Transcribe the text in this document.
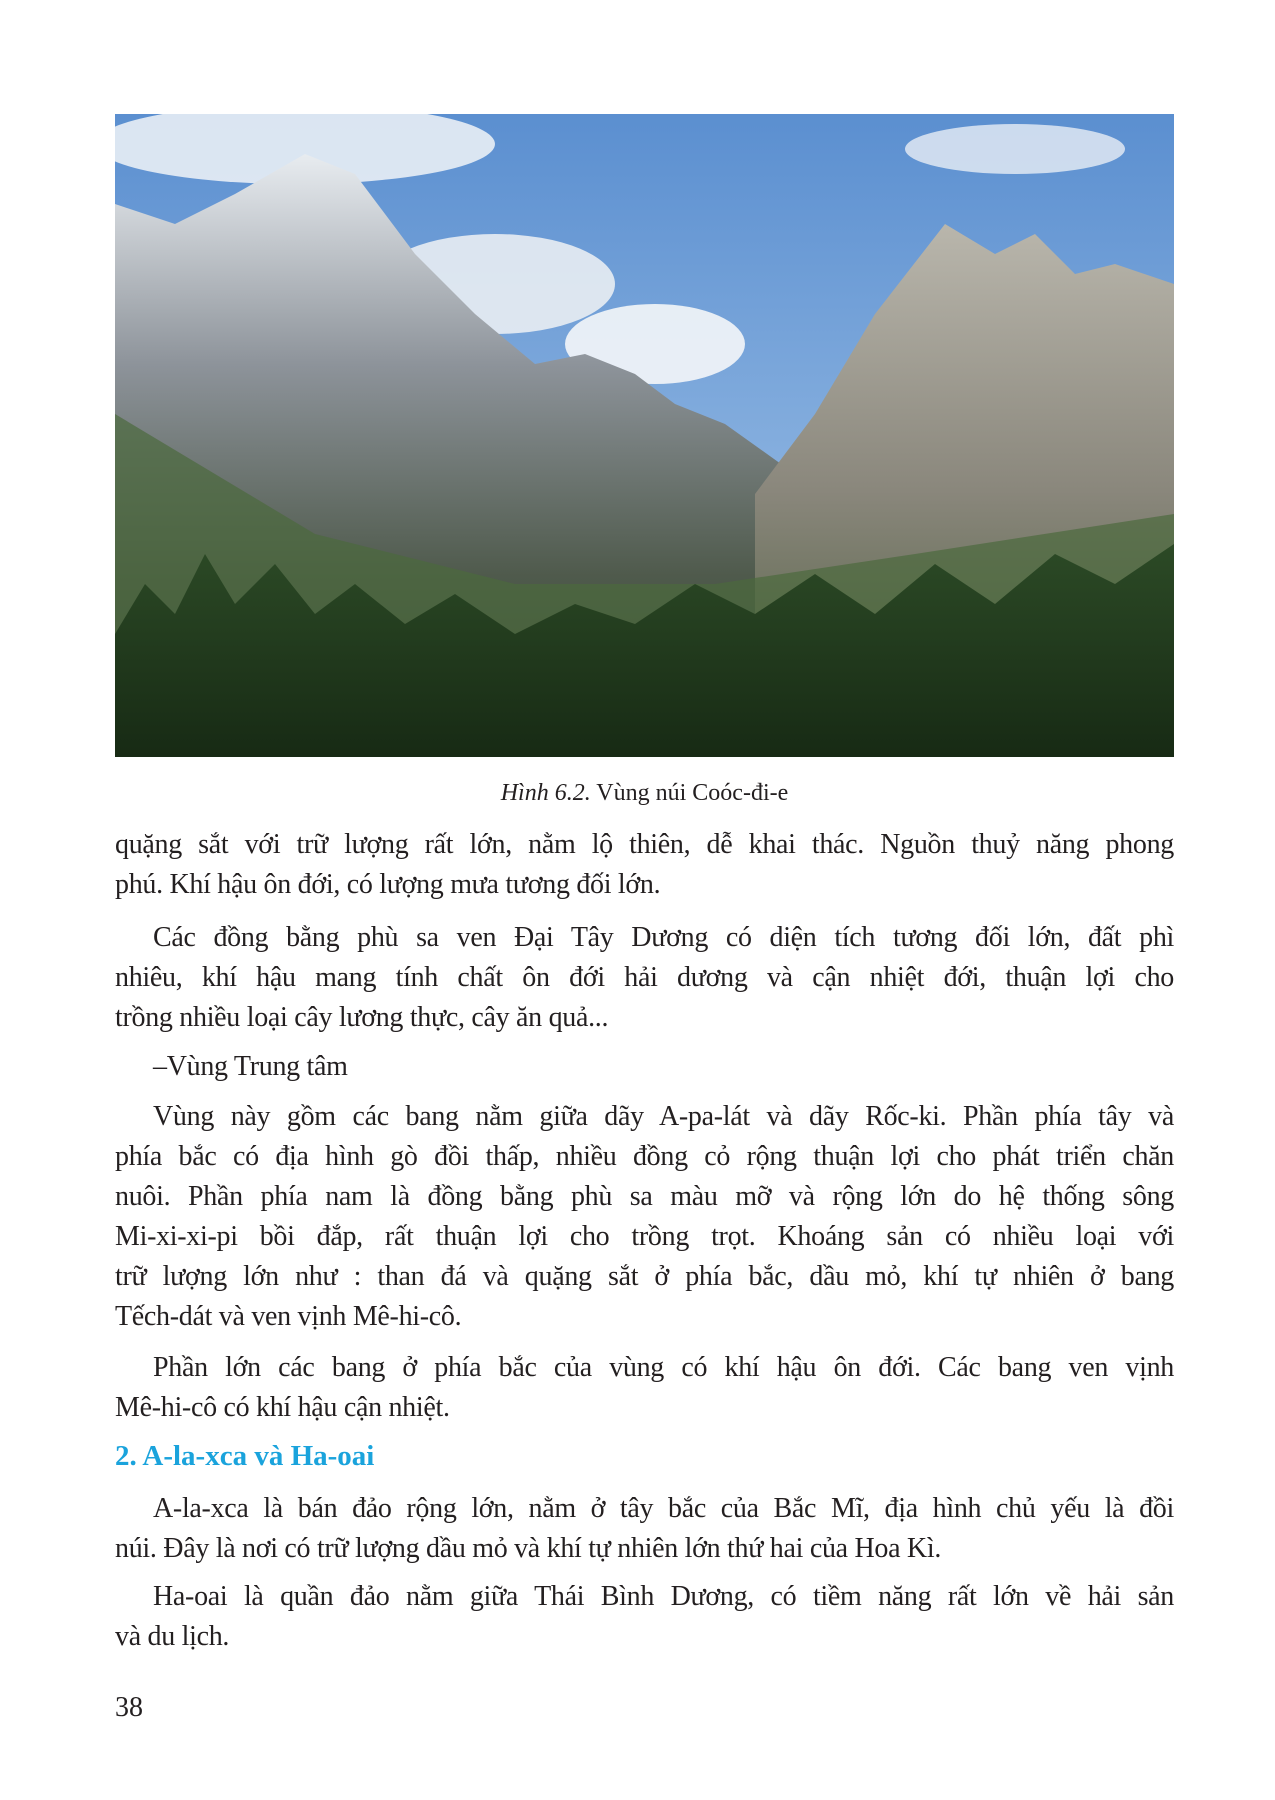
Hình 6.2. Vùng núi Coóc-đi-e
quặng sắt với trữ lượng rất lớn, nằm lộ thiên, dễ khai thác. Nguồn thuỷ năng phong
phú. Khí hậu ôn đới, có lượng mưa tương đối lớn.
Các đồng bằng phù sa ven Đại Tây Dương có diện tích tương đối lớn, đất phì
nhiêu, khí hậu mang tính chất ôn đới hải dương và cận nhiệt đới, thuận lợi cho
trồng nhiều loại cây lương thực, cây ăn quả...
–Vùng Trung tâm
Vùng này gồm các bang nằm giữa dãy A-pa-lát và dãy Rốc-ki. Phần phía tây và
phía bắc có địa hình gò đồi thấp, nhiều đồng cỏ rộng thuận lợi cho phát triển chăn
nuôi. Phần phía nam là đồng bằng phù sa màu mỡ và rộng lớn do hệ thống sông
Mi-xi-xi-pi bồi đắp, rất thuận lợi cho trồng trọt. Khoáng sản có nhiều loại với
trữ lượng lớn như : than đá và quặng sắt ở phía bắc, dầu mỏ, khí tự nhiên ở bang
Tếch-dát và ven vịnh Mê-hi-cô.
Phần lớn các bang ở phía bắc của vùng có khí hậu ôn đới. Các bang ven vịnh
Mê-hi-cô có khí hậu cận nhiệt.
2. A-la-xca và Ha-oai
A-la-xca là bán đảo rộng lớn, nằm ở tây bắc của Bắc Mĩ, địa hình chủ yếu là đồi
núi. Đây là nơi có trữ lượng dầu mỏ và khí tự nhiên lớn thứ hai của Hoa Kì.
Ha-oai là quần đảo nằm giữa Thái Bình Dương, có tiềm năng rất lớn về hải sản
và du lịch.
38
